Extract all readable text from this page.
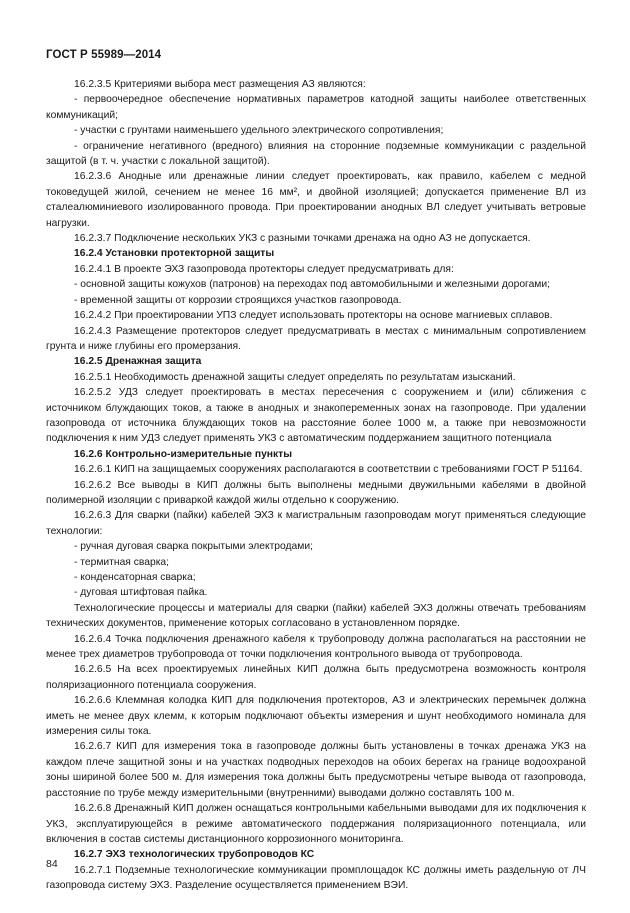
ГОСТ Р 55989—2014

16.2.3.5 Критериями выбора мест размещения АЗ являются:

- первоочередное обеспечение нормативных параметров катодной защиты наиболее ответственных коммуникаций;

- участки с грунтами наименьшего удельного электрического сопротивления;

- ограничение негативного (вредного) влияния на сторонние подземные коммуникации с раздельной защитой (в т. ч. участки с локальной защитой).

16.2.3.6 Анодные или дренажные линии следует проектировать, как правило, кабелем с медной токоведущей жилой, сечением не менее 16 мм², и двойной изоляцией; допускается применение ВЛ из сталеалюминиевого изолированного провода. При проектировании анодных ВЛ следует учитывать ветровые нагрузки.

16.2.3.7 Подключение нескольких УКЗ с разными точками дренажа на одно АЗ не допускается.

16.2.4 Установки протекторной защиты

16.2.4.1 В проекте ЭХЗ газопровода протекторы следует предусматривать для:

- основной защиты кожухов (патронов) на переходах под автомобильными и железными дорогами;

- временной защиты от коррозии строящихся участков газопровода.

16.2.4.2 При проектировании УПЗ следует использовать протекторы на основе магниевых сплавов.

16.2.4.3 Размещение протекторов следует предусматривать в местах с минимальным сопротивлением грунта и ниже глубины его промерзания.

16.2.5 Дренажная защита

16.2.5.1 Необходимость дренажной защиты следует определять по результатам изысканий.

16.2.5.2 УДЗ следует проектировать в местах пересечения с сооружением и (или) сближения с источником блуждающих токов, а также в анодных и знакопеременных зонах на газопроводе. При удалении газопровода от источника блуждающих токов на расстояние более 1000 м, а также при невозможности подключения к ним УДЗ следует применять УКЗ с автоматическим поддержанием защитного потенциала

16.2.6 Контрольно-измерительные пункты

16.2.6.1 КИП на защищаемых сооружениях располагаются в соответствии с требованиями ГОСТ Р 51164.

16.2.6.2 Все выводы в КИП должны быть выполнены медными двужильными кабелями в двойной полимерной изоляции с приваркой каждой жилы отдельно к сооружению.

16.2.6.3 Для сварки (пайки) кабелей ЭХЗ к магистральным газопроводам могут применяться следующие технологии:

- ручная дуговая сварка покрытыми электродами;

- термитная сварка;

- конденсаторная сварка;

- дуговая штифтовая пайка.

Технологические процессы и материалы для сварки (пайки) кабелей ЭХЗ должны отвечать требованиям технических документов, применение которых согласовано в установленном порядке.

16.2.6.4 Точка подключения дренажного кабеля к трубопроводу должна располагаться на расстоянии не менее трех диаметров трубопровода от точки подключения контрольного вывода от трубопровода.

16.2.6.5 На всех проектируемых линейных КИП должна быть предусмотрена возможность контроля поляризационного потенциала сооружения.

16.2.6.6 Клеммная колодка КИП для подключения протекторов, АЗ и электрических перемычек должна иметь не менее двух клемм, к которым подключают объекты измерения и шунт необходимого номинала для измерения силы тока.

16.2.6.7 КИП для измерения тока в газопроводе должны быть установлены в точках дренажа УКЗ на каждом плече защитной зоны и на участках подводных переходов на обоих берегах на границе водоохраной зоны шириной более 500 м. Для измерения тока должны быть предусмотрены четыре вывода от газопровода, расстояние по трубе между измерительными (внутренними) выводами должно составлять 100 м.

16.2.6.8 Дренажный КИП должен оснащаться контрольными кабельными выводами для их подключения к УКЗ, эксплуатирующейся в режиме автоматического поддержания поляризационного потенциала, или включения в состав системы дистанционного коррозионного мониторинга.

16.2.7 ЭХЗ технологических трубопроводов КС

16.2.7.1 Подземные технологические коммуникации промплощадок КС должны иметь раздельную от ЛЧ газопровода систему ЭХЗ. Разделение осуществляется применением ВЭИ.

84
